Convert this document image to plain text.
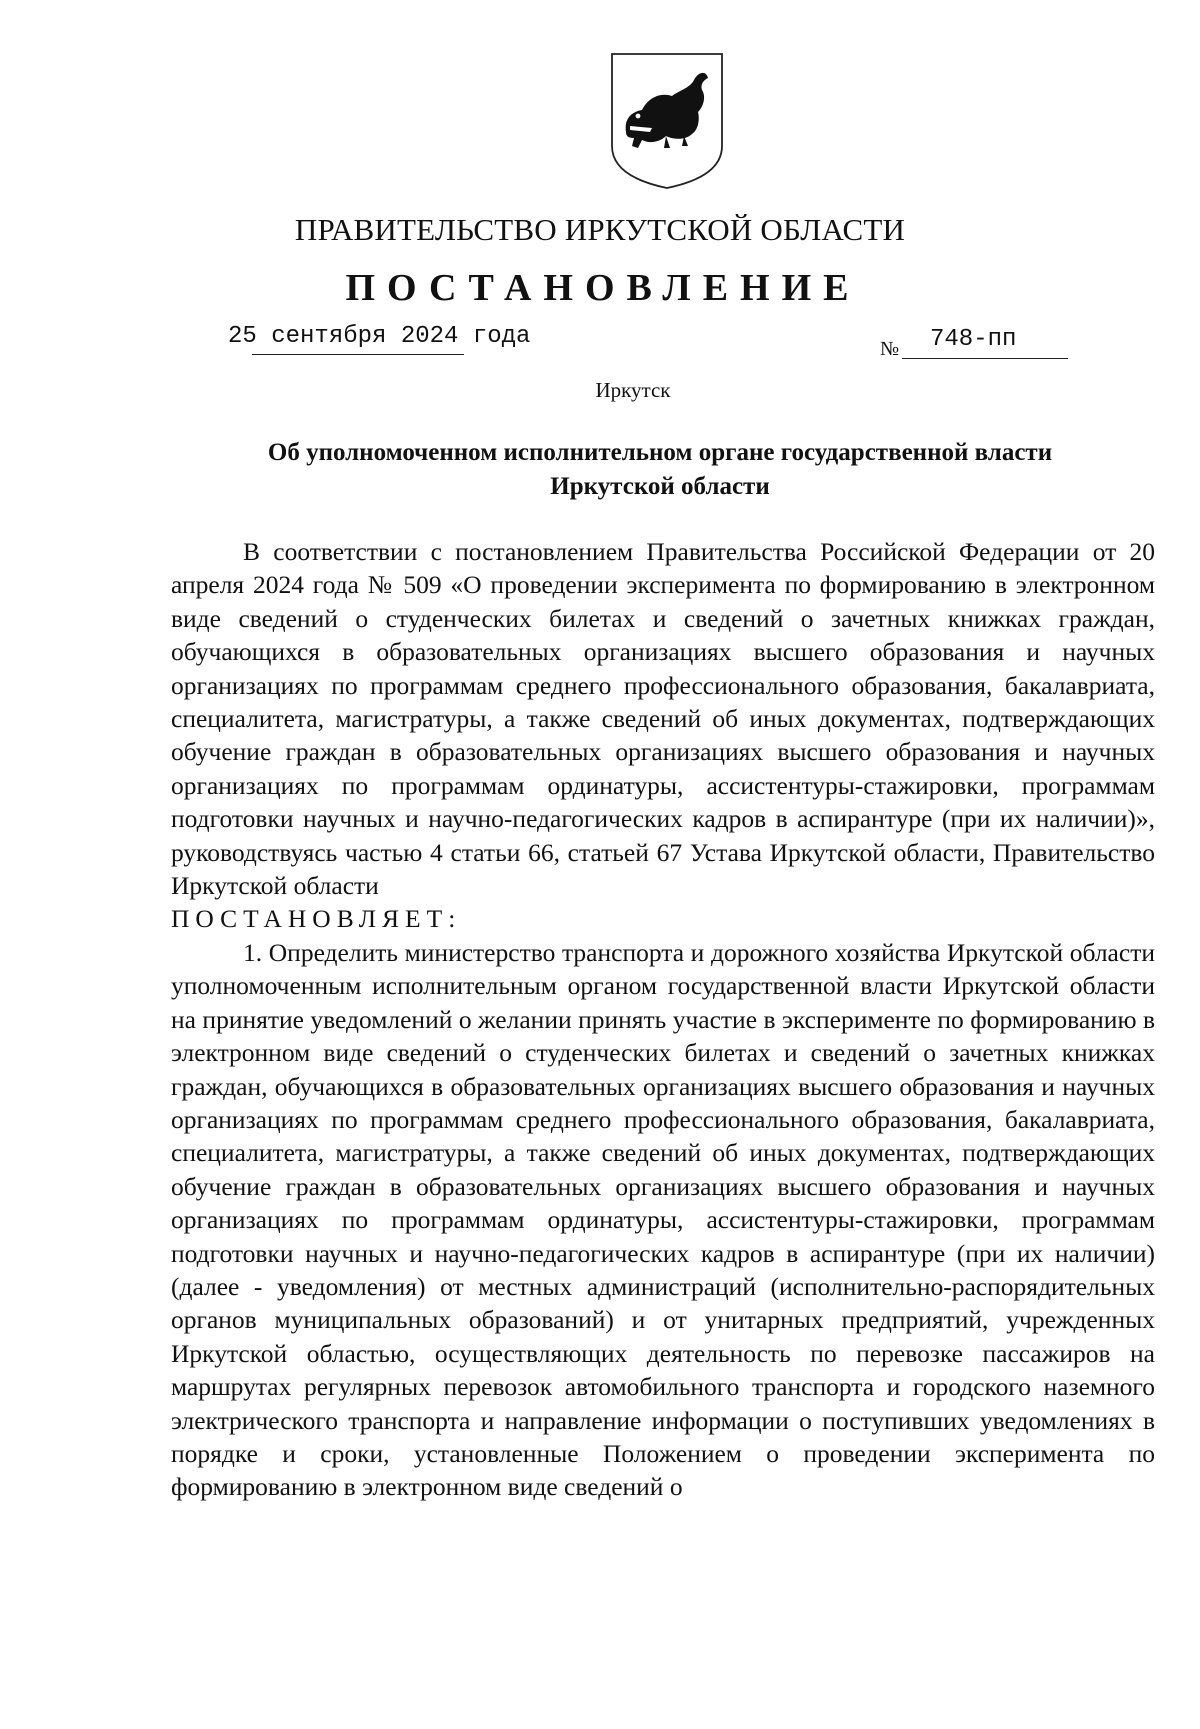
ПРАВИТЕЛЬСТВО ИРКУТСКОЙ ОБЛАСТИ
ПОСТАНОВЛЕНИЕ
25 сентября 2024 года	№ 748-пп
Иркутск
Об уполномоченном исполнительном органе государственной власти
Иркутской области

В соответствии с постановлением Правительства Российской Федерации от 20 апреля 2024 года № 509 «О проведении эксперимента по формированию в электронном виде сведений о студенческих билетах и сведений о зачетных книжках граждан, обучающихся в образовательных организациях высшего образования и научных организациях по программам среднего профессионального образования, бакалавриата, специалитета, магистратуры, а также сведений об иных документах, подтверждающих обучение граждан в образовательных организациях высшего образования и научных организациях по программам ординатуры, ассистентуры-стажировки, программам подготовки научных и научно-педагогических кадров в аспирантуре (при их наличии)», руководствуясь частью 4 статьи 66, статьей 67 Устава Иркутской области, Правительство Иркутской области

ПОСТАНОВЛЯЕТ:

1. Определить министерство транспорта и дорожного хозяйства Иркутской области уполномоченным исполнительным органом государственной власти Иркутской области на принятие уведомлений о желании принять участие в эксперименте по формированию в электронном виде сведений о студенческих билетах и сведений о зачетных книжках граждан, обучающихся в образовательных организациях высшего образования и научных организациях по программам среднего профессионального образования, бакалавриата, специалитета, магистратуры, а также сведений об иных документах, подтверждающих обучение граждан в образовательных организациях высшего образования и научных организациях по программам ординатуры, ассистентуры-стажировки, программам подготовки научных и научно-педагогических кадров в аспирантуре (при их наличии) (далее - уведомления) от местных администраций (исполнительно-распорядительных органов муниципальных образований) и от унитарных предприятий, учрежденных Иркутской областью, осуществляющих деятельность по перевозке пассажиров на маршрутах регулярных перевозок автомобильного транспорта и городского наземного электрического транспорта и направление информации о поступивших уведомлениях в порядке и сроки, установленные Положением о проведении эксперимента по формированию в электронном виде сведений о
